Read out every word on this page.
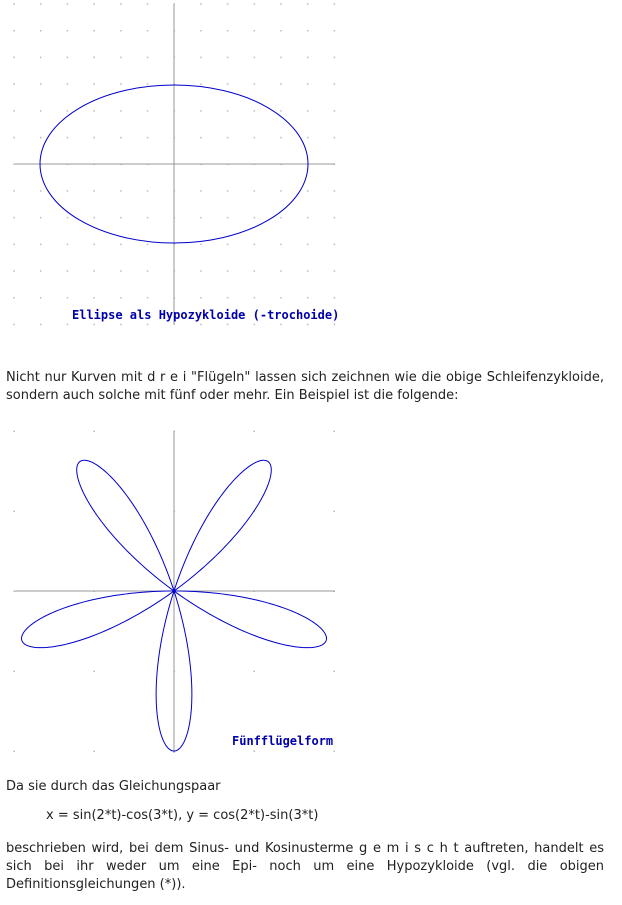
Ellipse als Hypozykloide (-trochoide)

Nicht nur Kurven mit d r e i "Flügeln" lassen sich zeichnen wie die obige Schleifenzykloide, sondern auch solche mit fünf oder mehr. Ein Beispiel ist die folgende:

Fünfflügelform

Da sie durch das Gleichungspaar

x = sin(2*t)-cos(3*t), y = cos(2*t)-sin(3*t)

beschrieben wird, bei dem Sinus- und Kosinusterme g e m i s c h t auftreten, handelt es sich bei ihr weder um eine Epi- noch um eine Hypozykloide (vgl. die obigen Definitionsgleichungen (*)).
